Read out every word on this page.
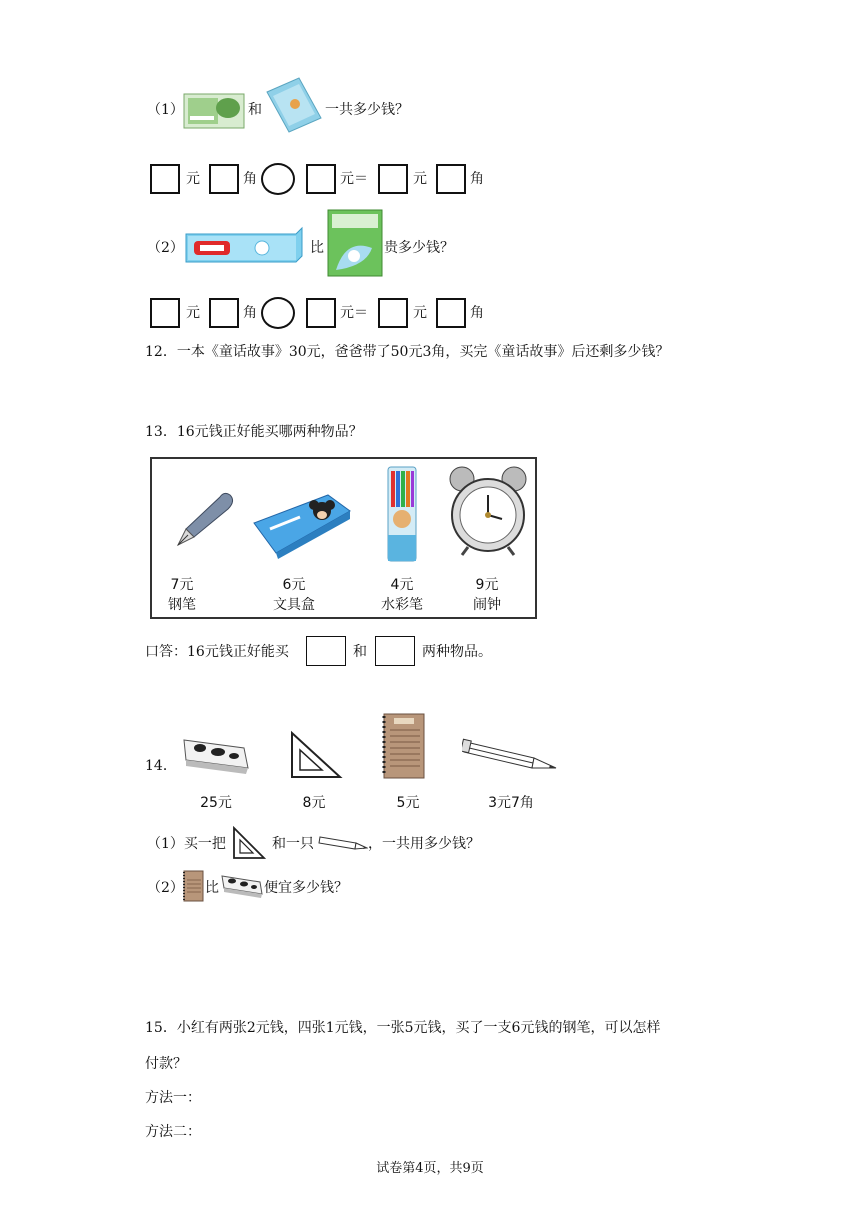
（1）	和	一共多少钱？
元	角	元＝	元	角
（2）	比	贵多少钱？
元	角	元＝	元	角
12．一本《童话故事》30元，爸爸带了50元3角，买完《童话故事》后还剩多少钱？
13．16元钱正好能买哪两种物品？
7元
钢笔
6元
文具盒
4元
水彩笔
9元
闹钟
口答：16元钱正好能买	和	两种物品。
14．
25元	8元	5元	3元7角
（1）买一把	和一只	，一共用多少钱？
（2） 比	便宜多少钱？
15．小红有两张2元钱，四张1元钱，一张5元钱，买了一支6元钱的钢笔，可以怎样
付款？
方法一：
方法二：
试卷第4页，共9页
